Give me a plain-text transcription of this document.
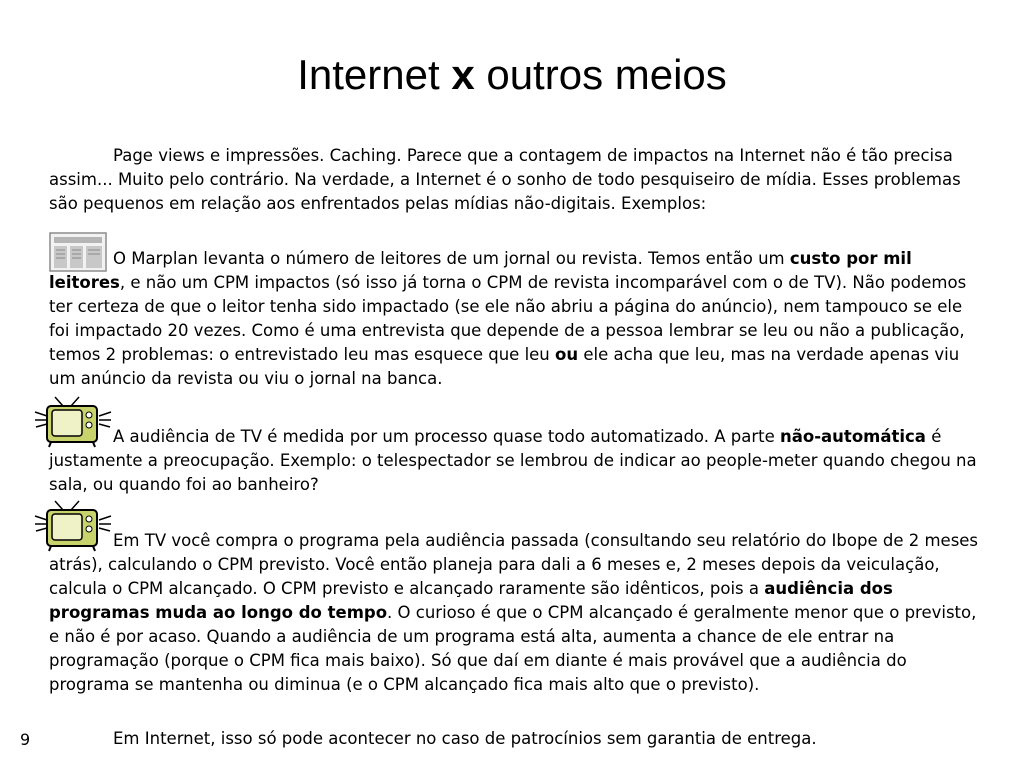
Internet x outros meios
Page views e impressões. Caching. Parece que a contagem de impactos na Internet não é tão precisa assim... Muito pelo contrário. Na verdade, a Internet é o sonho de todo pesquiseiro de mídia. Esses problemas são pequenos em relação aos enfrentados pelas mídias não-digitais. Exemplos:
O Marplan levanta o número de leitores de um jornal ou revista. Temos então um custo por mil leitores, e não um CPM impactos (só isso já torna o CPM de revista incomparável com o de TV). Não podemos ter certeza de que o leitor tenha sido impactado (se ele não abriu a página do anúncio), nem tampouco se ele foi impactado 20 vezes. Como é uma entrevista que depende de a pessoa lembrar se leu ou não a publicação, temos 2 problemas: o entrevistado leu mas esquece que leu ou ele acha que leu, mas na verdade apenas viu um anúncio da revista ou viu o jornal na banca.
A audiência de TV é medida por um processo quase todo automatizado. A parte não-automática é justamente a preocupação. Exemplo: o telespectador se lembrou de indicar ao people-meter quando chegou na sala, ou quando foi ao banheiro?
Em TV você compra o programa pela audiência passada (consultando seu relatório do Ibope de 2 meses atrás), calculando o CPM previsto. Você então planeja para dali a 6 meses e, 2 meses depois da veiculação, calcula o CPM alcançado. O CPM previsto e alcançado raramente são idênticos, pois a audiência dos programas muda ao longo do tempo. O curioso é que o CPM alcançado é geralmente menor que o previsto, e não é por acaso. Quando a audiência de um programa está alta, aumenta a chance de ele entrar na programação (porque o CPM fica mais baixo). Só que daí em diante é mais provável que a audiência do programa se mantenha ou diminua (e o CPM alcançado fica mais alto que o previsto).
Em Internet, isso só pode acontecer no caso de patrocínios sem garantia de entrega.
9
